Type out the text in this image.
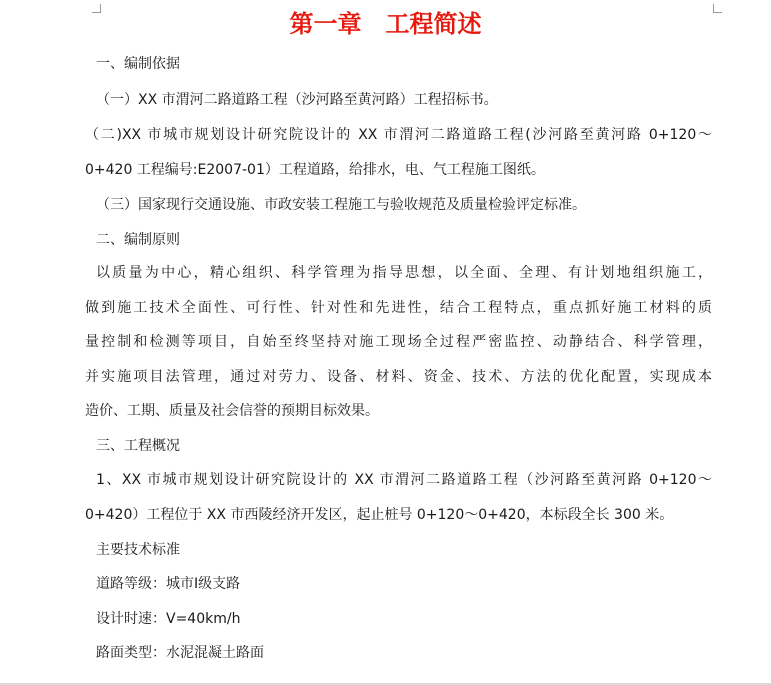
第一章　工程简述
一、编制依据
（一）XX 市渭河二路道路工程（沙河路至黄河路）工程招标书。
（二)XX 市城市规划设计研究院设计的 XX 市渭河二路道路工程(沙河路至黄河路 0+120～
0+420 工程编号:E2007-01）工程道路，给排水，电、气工程施工图纸。
（三）国家现行交通设施、市政安装工程施工与验收规范及质量检验评定标准。
二、编制原则
以质量为中心，精心组织、科学管理为指导思想，以全面、全理、有计划地组织施工，
做到施工技术全面性、可行性、针对性和先进性，结合工程特点，重点抓好施工材料的质
量控制和检测等项目，自始至终坚持对施工现场全过程严密监控、动静结合、科学管理，
并实施项目法管理，通过对劳力、设备、材料、资金、技术、方法的优化配置，实现成本
造价、工期、质量及社会信誉的预期目标效果。
三、工程概况
1、XX 市城市规划设计研究院设计的 XX 市渭河二路道路工程（沙河路至黄河路 0+120～
0+420）工程位于 XX 市西陵经济开发区，起止桩号 0+120～0+420，本标段全长 300 米。
主要技术标准
道路等级：城市Ⅰ级支路
设计时速：V=40km/h
路面类型：水泥混凝土路面
